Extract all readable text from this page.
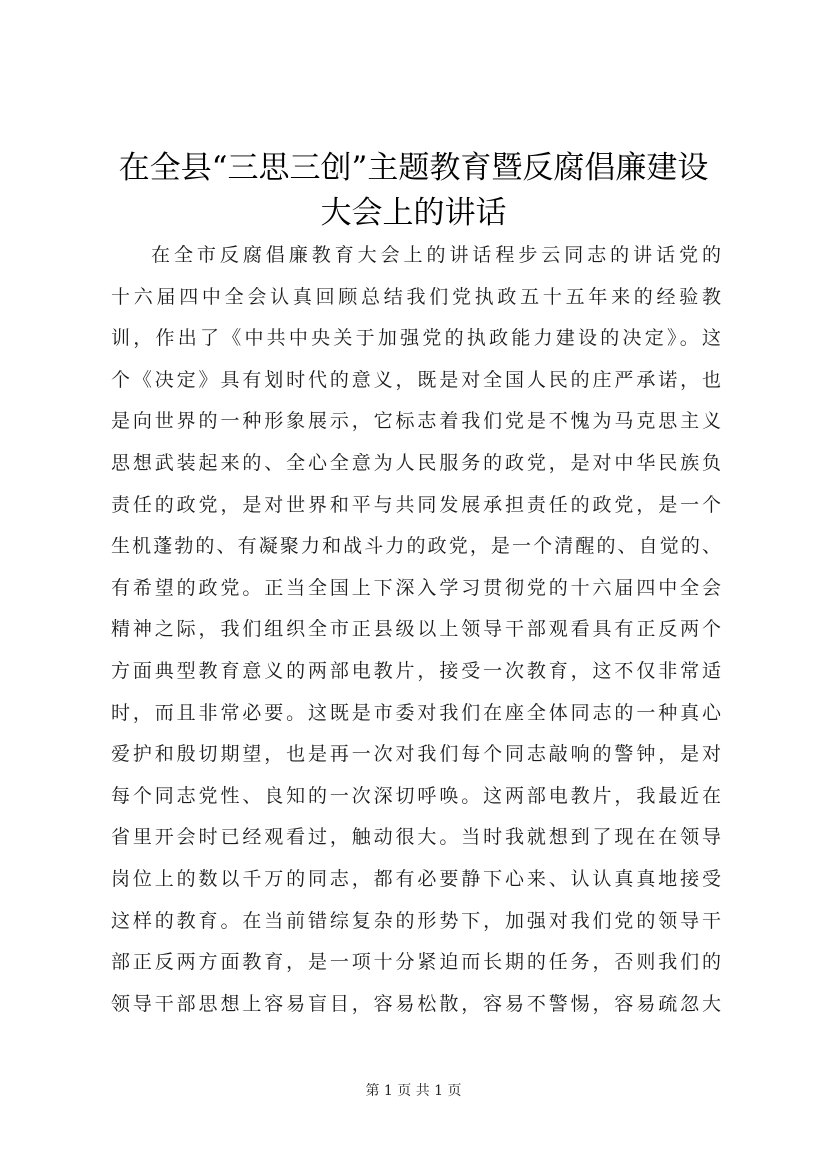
在全县“三思三创”主题教育暨反腐倡廉建设
大会上的讲话
在全市反腐倡廉教育大会上的讲话程步云同志的讲话党的
十六届四中全会认真回顾总结我们党执政五十五年来的经验教
训，作出了《中共中央关于加强党的执政能力建设的决定》。这
个《决定》具有划时代的意义，既是对全国人民的庄严承诺，也
是向世界的一种形象展示，它标志着我们党是不愧为马克思主义
思想武装起来的、全心全意为人民服务的政党，是对中华民族负
责任的政党，是对世界和平与共同发展承担责任的政党，是一个
生机蓬勃的、有凝聚力和战斗力的政党，是一个清醒的、自觉的、
有希望的政党。正当全国上下深入学习贯彻党的十六届四中全会
精神之际，我们组织全市正县级以上领导干部观看具有正反两个
方面典型教育意义的两部电教片，接受一次教育，这不仅非常适
时，而且非常必要。这既是市委对我们在座全体同志的一种真心
爱护和殷切期望，也是再一次对我们每个同志敲响的警钟，是对
每个同志党性、良知的一次深切呼唤。这两部电教片，我最近在
省里开会时已经观看过，触动很大。当时我就想到了现在在领导
岗位上的数以千万的同志，都有必要静下心来、认认真真地接受
这样的教育。在当前错综复杂的形势下，加强对我们党的领导干
部正反两方面教育，是一项十分紧迫而长期的任务，否则我们的
领导干部思想上容易盲目，容易松散，容易不警惕，容易疏忽大
第 1 页 共 1 页
